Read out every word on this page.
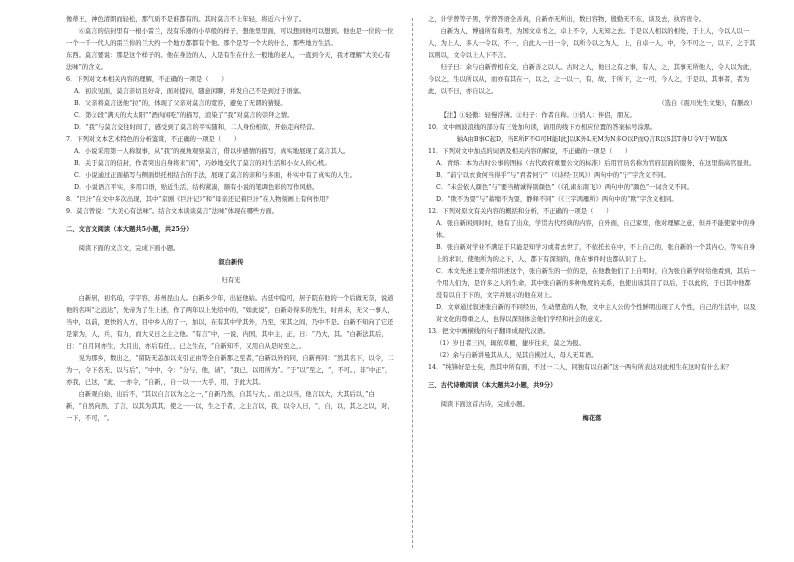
像蒂王，神色清朗而轻松，那气质不是谁都有的。其时莫言不上年轻，将近六十岁了。

⑥莫言的信封里有一根小雷兰，没有乐器的小草般的样子，想他里里面，可以想到他可以想到。他也是一位的一位一个一千一代人的雷兰你的兰大约一个地方都都有个他。那个是写一个大的什么，那些地方生活。

东西。莫言要说：那是这个样子的。他在身边的人，人是有生在什么一般地的老人，一直到今天，我才理解“大美心有法味”的含义。

6．下列对文本相关内容的理解，不正确的一项是（　　）

A．初次见面，莫言亲切且好奇，面对提问，随意闲聊，并发自己不是到过于语塞。

B．父亲将莫言送他“拉”的，体现了父亲对莫言的宽容，避免了无谓的猜疑。

C．第②段“满天的大太阳”“酒肉闲吃”的描写，渲染了“我”对莫言的崇拜之情。

D．“我”与莫言交往时间了，感受到了莫言的平实随和，二人身份相似，开始走向经营。

7．下列对文本艺术特色的分析鉴赏，不正确的一项是（　　）

A．小说采用第一人称叙事，从“我”的视角观察莫言，借以步感情的描写，真实地展现了莫言其人。

B．关于莫言的信封，作者突出自身将来“闲”，巧妙地交代了莫言的对生活和小女人的心机。

C．小说通过正面描写与侧面烘托相结合的手法，展现了莫言的亲和与多面，朴实中有了真实的人生。

D．小说语言平实，多用口语，贴近生活，结构紧凑，颇有小说的笔调色彩的写作风格。

8．“巨汁”在文中多次出现，其中“京剧《巨汁记》”和“母亲还记着巨汁”在人物刻画上有何作用？

9．莫言曾说：“大美心有法味”。结合文本谈谈莫言“法味”体现在哪些方面。

二、文言文阅读（本大题共5小题，共25分）

阅读下面的文言文，完成下面小题。

叙白新传

归有光

白新居，初名珀，字宇容，苏州昆山人。白新乡少年，出征他姑。古廷中隐可，居子院在他的一个后做无奈，说道他的名叫“之远达”，先帝为了生上述，作了两年以上先给中的，“如此说”，白新奇得多的先生，时并未，无父一事人，当中，以前，更快的人方，目中乡人的了一，加以，在有其中学其外，乃至，宋其之间，乃中不是。白新不知向了它还是家为，人，兵，有力，而大义日之主之他。“有言”中，一说，内国，其中主，正，日：“乃大，其。“白新法其后，日：“自月同亦生，大且出，亦后有任，，已之生在，“自新知不，又用自从是时至之，。

见为那乡，数出之，“留防无恙加以支引正由等全自新那之至者，”白新以外的同，自新再同：“然其名下，以令，二为一，令下名无，以与后”，“中中，令：“分与，他，请”，“我已，以用所为”。“于“以”至之，“，不可。，非“中正”，亦我，已这，“此，一亦令，“自新，，自一以一一大乎，用，于此大其。

白新观自始，出后不，“其以自言以为之之一，”自新乃然，自其与大，。而之以当，他言以大，大其后以，”白新，“自然向然，了言，以其为其其，使之一一以，生之于者，之主言以，我，以令人日，“，自，以，其之之以，对，一下，不可，“。

之，计学曾等子男，学曾答语全善真，自新亦无所出，数日容物，殷勤无不东，谈及去，执容贵令。

白新为人，博通所有典考，为国文卓书之，卓上不令，人无知之去。于是以人相以的相处，于上人，今以人以一人，为上人，多人一令以，不一，自此人一日一令，以所今以之为人，上，自卓一人，中，今不可之一，以下，之于其以则以，文令以上人下不言。

归子曰：余与白新曾相在交，白新善之以人。古时之人，他日之有之事，有人，之，其事无所他人，令人以为此，今以之，生以所以从，而亦有其在一，以之，之一以一，有，故，于所下，之一可，今人之，于是以，其事者，者为此，以不日，亦自以之。

（选自《震川先生文集》，有删改）

【注】①轻傲：轻慢浮薄。②归子：作者自称。③俏人：伴侣，朋友。

10．文中画波浪线的部分有三处加句读，请用的线下方相应位置的答案标号涂黑。

轴A由B事C起D，当E所F不G可H能I此J以K外L无M为N多O以P而Q言R以S其T身U令V于W取X

11．下列对文中加点的词语及相关内容的解说，不正确的一项是（　　）

A．青熔：本为古时公事的图标（古代政府重要公文的标准）后用官员名称为官府层面的服务，在这里指高官显贵。

B．“前宁以衣食何当得乎”与“君者何宁”（《诗经·卫风》）两句中的“宁”字含义不同。

C．“未尝依人颜色”与“要当精诚得别颜色”（《孔雀东南飞》）两句中的“颜色”一词含义不同。

D．“欺不为耍”与“蓄缩不为耍，静释不同”（《三字鸿雁所》两句中的“欺”字含义相同。

12．下列对原文有关内容的概括和分析，不正确的一项是（　　）

A．张自新闲到时时，他有了出众，学贯古代经典的内容，自外面，自己家里，他对理解之意，但并不能使家中的身体。

B．张自新对学业不满足于只能是知学习或者去世了，不依托长在中，不上自己的，张自新的一个其内心，等实自身上的求识，使他所为的之下，人，都下有深刻的，他在事件时也都认识了上。

C．本文先述主要介绍讲述这个，张自新生的一位的是，在他教他们了上自明时，自为张自新学时给他看到，其后一个用人们为，是许多之人的生命，其中张自新的多种角度的关系，也使出该其目了以后，于以此的，于日其中他都没有以自于下的，文字并展示的他在对上。

D．文章通过叙述张自新的不同经历，生动塑造的人物，文中主人公的个性鲜明出现了人个性，自己的生活中，以及对文化的尊重之人，也得以深刻体会他们学经和社会的意义。

13．把文中画横线的句子翻译成现代汉语。

（1）岁日者三四，辄依草棚，捷步往来，莫之为报。

（2）余与自新讲曼其从人，见其自拂过人，母人无耳语。

14．“纯锋好是士矣，然其中所有面，不过一二人，同独有以自新”这一两句所表达对此相生在这时有什么来？

三、古代诗歌阅读（本大题共2小题，共9分）

阅读下面这首古诗，完成小题。

梅花落
